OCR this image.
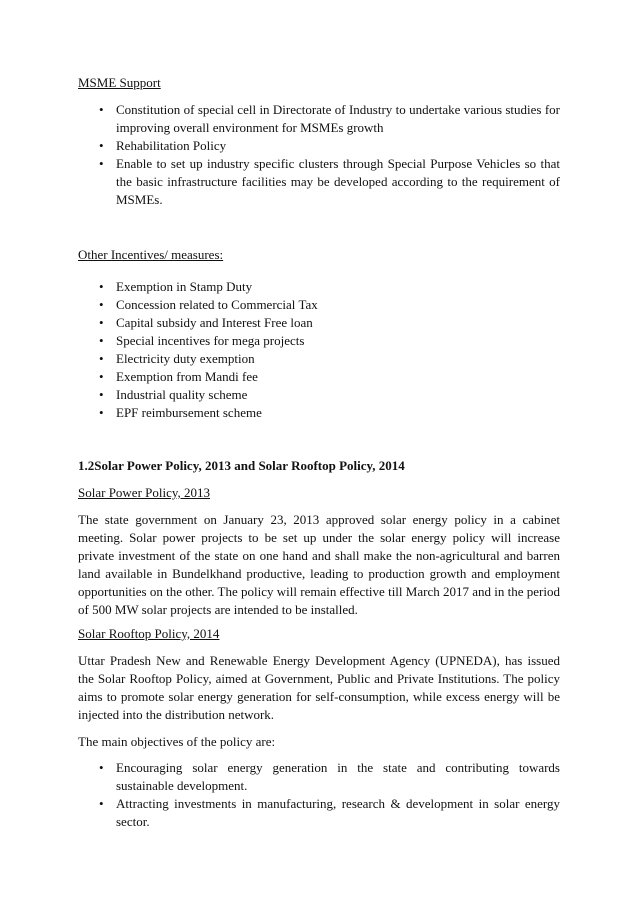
MSME Support
• Constitution of special cell in Directorate of Industry to undertake various studies for improving overall environment for MSMEs growth
• Rehabilitation Policy
• Enable to set up industry specific clusters through Special Purpose Vehicles so that the basic infrastructure facilities may be developed according to the requirement of MSMEs.
Other Incentives/ measures:
• Exemption in Stamp Duty
• Concession related to Commercial Tax
• Capital subsidy and Interest Free loan
• Special incentives for mega projects
• Electricity duty exemption
• Exemption from Mandi fee
• Industrial quality scheme
• EPF reimbursement scheme
1.2Solar Power Policy, 2013 and Solar Rooftop Policy, 2014
Solar Power Policy, 2013

The state government on January 23, 2013 approved solar energy policy in a cabinet meeting. Solar power projects to be set up under the solar energy policy will increase private investment of the state on one hand and shall make the non-agricultural and barren land available in Bundelkhand productive, leading to production growth and employment opportunities on the other. The policy will remain effective till March 2017 and in the period of 500 MW solar projects are intended to be installed.

Solar Rooftop Policy, 2014

Uttar Pradesh New and Renewable Energy Development Agency (UPNEDA), has issued the Solar Rooftop Policy, aimed at Government, Public and Private Institutions. The policy aims to promote solar energy generation for self-consumption, while excess energy will be injected into the distribution network.

The main objectives of the policy are:

• Encouraging solar energy generation in the state and contributing towards sustainable development.
• Attracting investments in manufacturing, research & development in solar energy sector.
